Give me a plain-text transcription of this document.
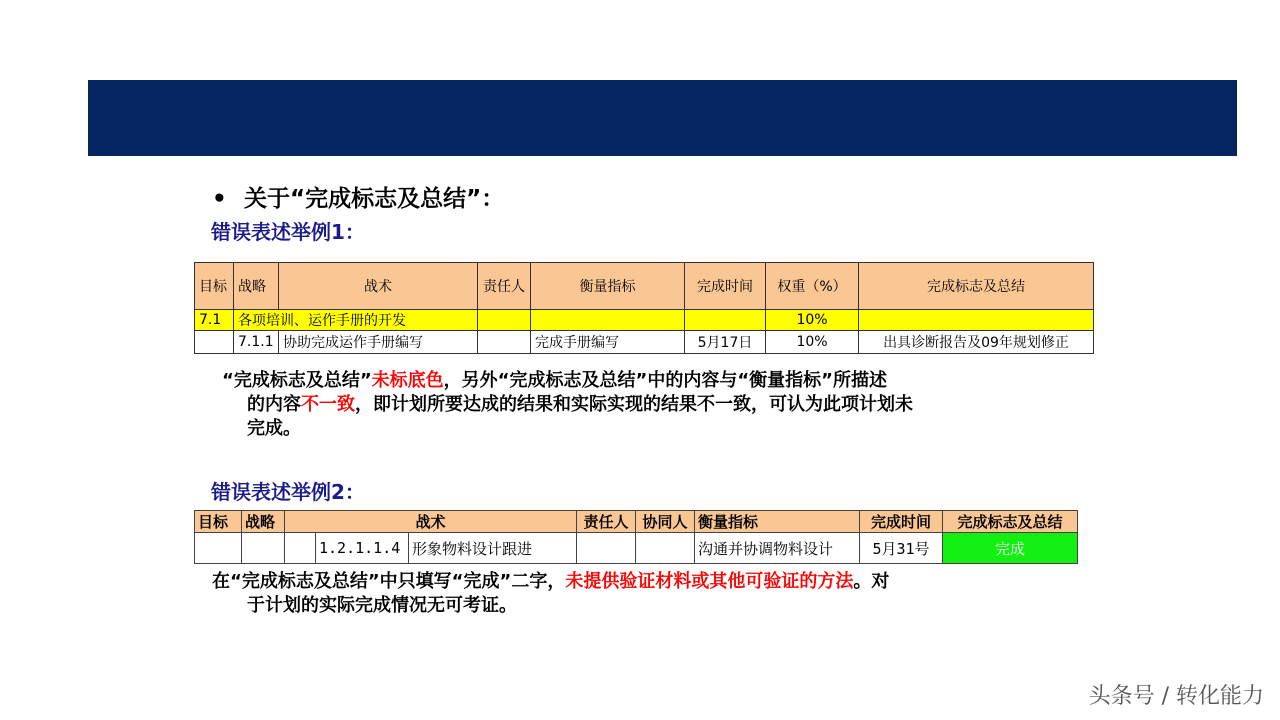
• 关于“完成标志及总结”：
错误表述举例1：
目标	战略	战术	责任人	衡量指标	完成时间	权重（%）	完成标志及总结
7.1	各项培训、运作手册的开发					10%	
	7.1.1	协助完成运作手册编写		完成手册编写	5月17日	10%	出具诊断报告及09年规划修正
“完成标志及总结”未标底色，另外“完成标志及总结”中的内容与“衡量指标”所描述
的内容不一致，即计划所要达成的结果和实际实现的结果不一致，可认为此项计划未
完成。
错误表述举例2：
目标	战略	战术			责任人	协同人	衡量指标	完成时间	完成标志及总结
			1.2.1.1.4	形象物料设计跟进			沟通并协调物料设计	5月31号	完成
在“完成标志及总结”中只填写“完成”二字，未提供验证材料或其他可验证的方法。对
于计划的实际完成情况无可考证。
头条号 / 转化能力
